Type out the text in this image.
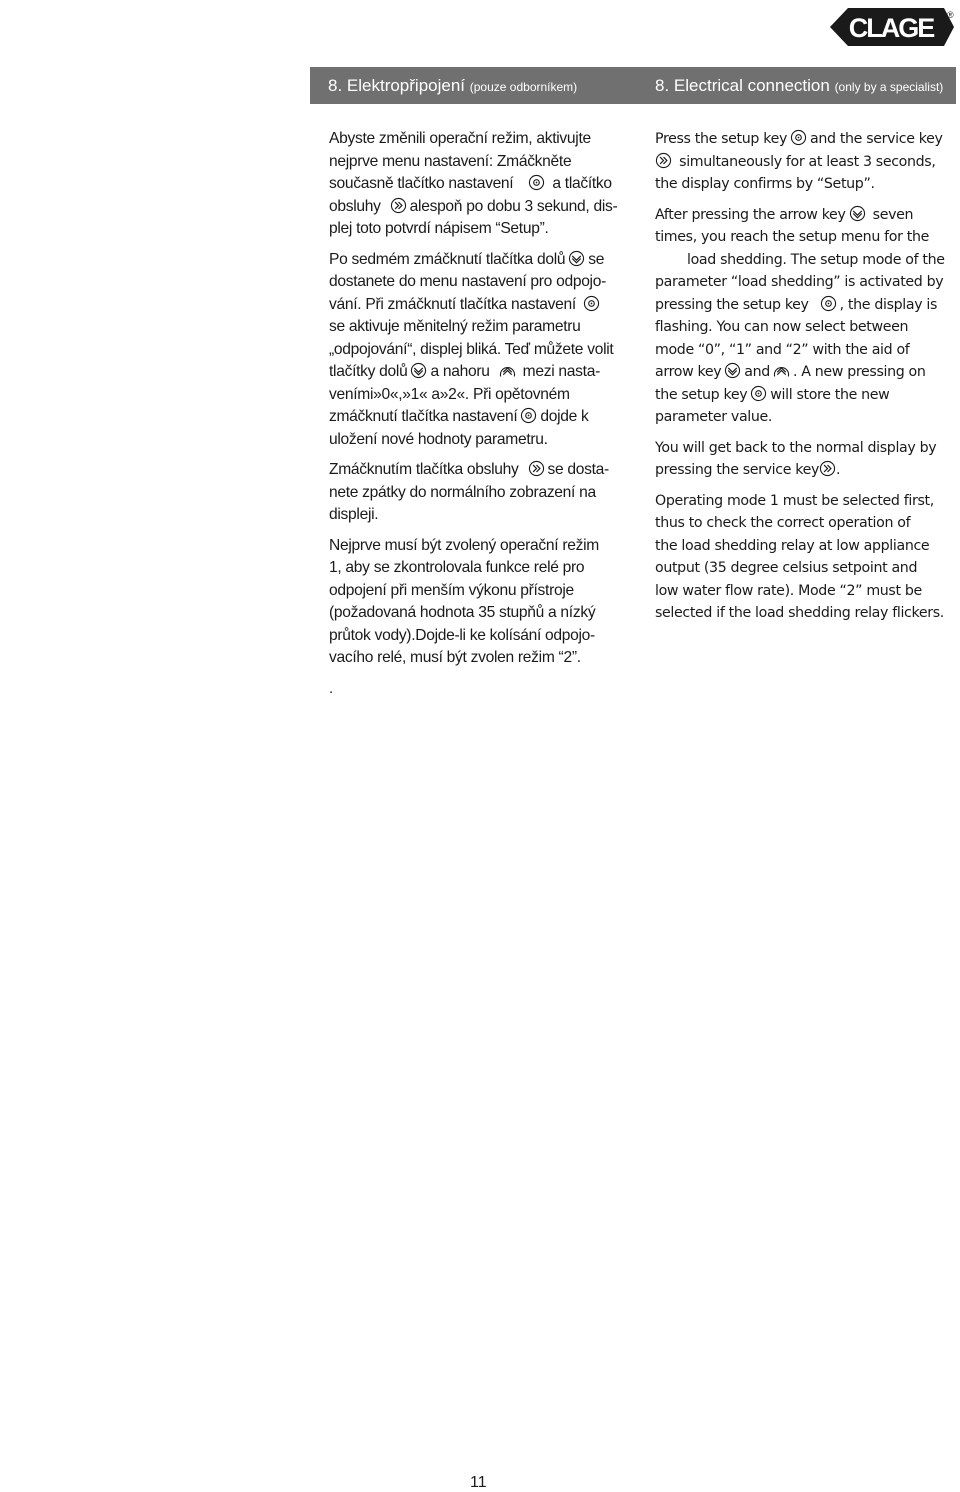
CLAGE ®
8. Elektropřipojení (pouze odborníkem)	8. Electrical connection (only by a specialist)

Abyste změnili operační režim, aktivujte
nejprve menu nastavení: Zmáčkněte
současně tlačítko nastavení	a tlačítko
obsluhy alespoň po dobu 3 sekund, dis-
plej toto potvrdí nápisem “Setup”.

Po sedmém zmáčknutí tlačítka dolů se
dostanete do menu nastavení pro odpojo-
vání. Při zmáčknutí tlačítka nastavení
se aktivuje měnitelný režim parametru
„odpojování“, displej bliká. Teď můžete volit
tlačítky dolů a nahoru mezi nasta-
veními»0«,»1« a»2«. Při opětovném
zmáčknutí tlačítka nastavení dojde k
uložení nové hodnoty parametru.

Zmáčknutím tlačítka obsluhy se dosta-
nete zpátky do normálního zobrazení na
displeji.

Nejprve musí být zvolený operační režim
1, aby se zkontrolovala funkce relé pro
odpojení při menším výkonu přístroje
(požadovaná hodnota 35 stupňů a nízký
průtok vody).Dojde-li ke kolísání odpojo-
vacího relé, musí být zvolen režim “2”.

.

Press the setup key and the service key
simultaneously for at least 3 seconds,
the display confirms by “Setup”.

After pressing the arrow key seven
times, you reach the setup menu for the
load shedding. The setup mode of the
parameter “load shedding” is activated by
pressing the setup key , the display is
flashing. You can now select between
mode “0”, “1” and “2” with the aid of
arrow key and . A new pressing on
the setup key will store the new
parameter value.

You will get back to the normal display by
pressing the service key .

Operating mode 1 must be selected first,
thus to check the correct operation of
the load shedding relay at low appliance
output (35 degree celsius setpoint and
low water flow rate). Mode “2” must be
selected if the load shedding relay flickers.

11
